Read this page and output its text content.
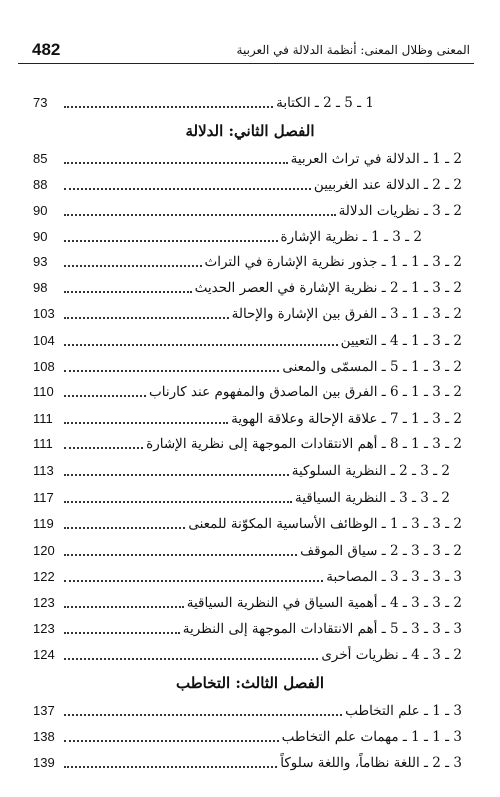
482	المعنى وظلال المعنى: أنظمة الدلالة في العربية
1 ـ 5 ـ 2 ـ الكتابة
73
الفصل الثاني: الدلالة
2 ـ 1 ـ الدلالة في تراث العربية
85
2 ـ 2 ـ الدلالة عند الغربيين
88
2 ـ 3 ـ نظريات الدلالة
90
2 ـ 3 ـ 1 ـ نظرية الإشارة
90
2 ـ 3 ـ 1 ـ 1 ـ جذور نظرية الإشارة في التراث
93
2 ـ 3 ـ 1 ـ 2 ـ نظرية الإشارة في العصر الحديث
98
2 ـ 3 ـ 1 ـ 3 ـ الفرق بين الإشارة والإحالة
103
2 ـ 3 ـ 1 ـ 4 ـ التعيين
104
2 ـ 3 ـ 1 ـ 5 ـ المسمّى والمعنى
108
2 ـ 3 ـ 1 ـ 6 ـ الفرق بين الماصدق والمفهوم عند كارناب
110
2 ـ 3 ـ 1 ـ 7 ـ علاقة الإحالة وعلاقة الهوية
111
2 ـ 3 ـ 1 ـ 8 ـ أهم الانتقادات الموجهة إلى نظرية الإشارة
111
2 ـ 3 ـ 2 ـ النظرية السلوكية
113
2 ـ 3 ـ 3 ـ النظرية السياقية
117
2 ـ 3 ـ 3 ـ 1 ـ الوظائف الأساسية المكوّنة للمعنى
119
2 ـ 3 ـ 3 ـ 2 ـ سياق الموقف
120
3 ـ 3 ـ 3 ـ 3 ـ المصاحبة
122
2 ـ 3 ـ 3 ـ 4 ـ أهمية السياق في النظرية السياقية
123
3 ـ 3 ـ 3 ـ 5 ـ أهم الانتقادات الموجهة إلى النظرية
123
2 ـ 3 ـ 4 ـ نظريات أخرى
124
الفصل الثالث: التخاطب
3 ـ 1 ـ علم التخاطب
137
3 ـ 1 ـ 1 ـ مهمات علم التخاطب
138
3 ـ 2 ـ اللغة نظاماً، واللغة سلوكاً
139
